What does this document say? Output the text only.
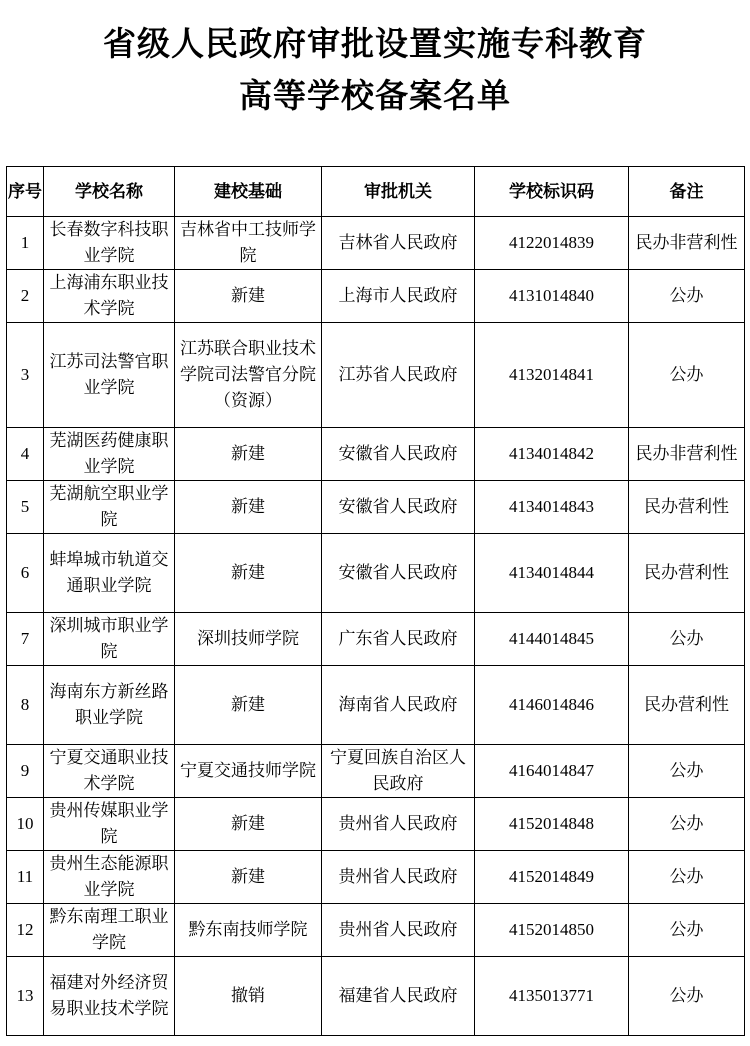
省级人民政府审批设置实施专科教育
高等学校备案名单
序号	学校名称	建校基础	审批机关	学校标识码	备注
1	长春数字科技职业学院	吉林省中工技师学院	吉林省人民政府	4122014839	民办非营利性
2	上海浦东职业技术学院	新建	上海市人民政府	4131014840	公办
3	江苏司法警官职业学院	江苏联合职业技术学院司法警官分院（资源）	江苏省人民政府	4132014841	公办
4	芜湖医药健康职业学院	新建	安徽省人民政府	4134014842	民办非营利性
5	芜湖航空职业学院	新建	安徽省人民政府	4134014843	民办营利性
6	蚌埠城市轨道交通职业学院	新建	安徽省人民政府	4134014844	民办营利性
7	深圳城市职业学院	深圳技师学院	广东省人民政府	4144014845	公办
8	海南东方新丝路职业学院	新建	海南省人民政府	4146014846	民办营利性
9	宁夏交通职业技术学院	宁夏交通技师学院	宁夏回族自治区人民政府	4164014847	公办
10	贵州传媒职业学院	新建	贵州省人民政府	4152014848	公办
11	贵州生态能源职业学院	新建	贵州省人民政府	4152014849	公办
12	黔东南理工职业学院	黔东南技师学院	贵州省人民政府	4152014850	公办
13	福建对外经济贸易职业技术学院	撤销	福建省人民政府	4135013771	公办
